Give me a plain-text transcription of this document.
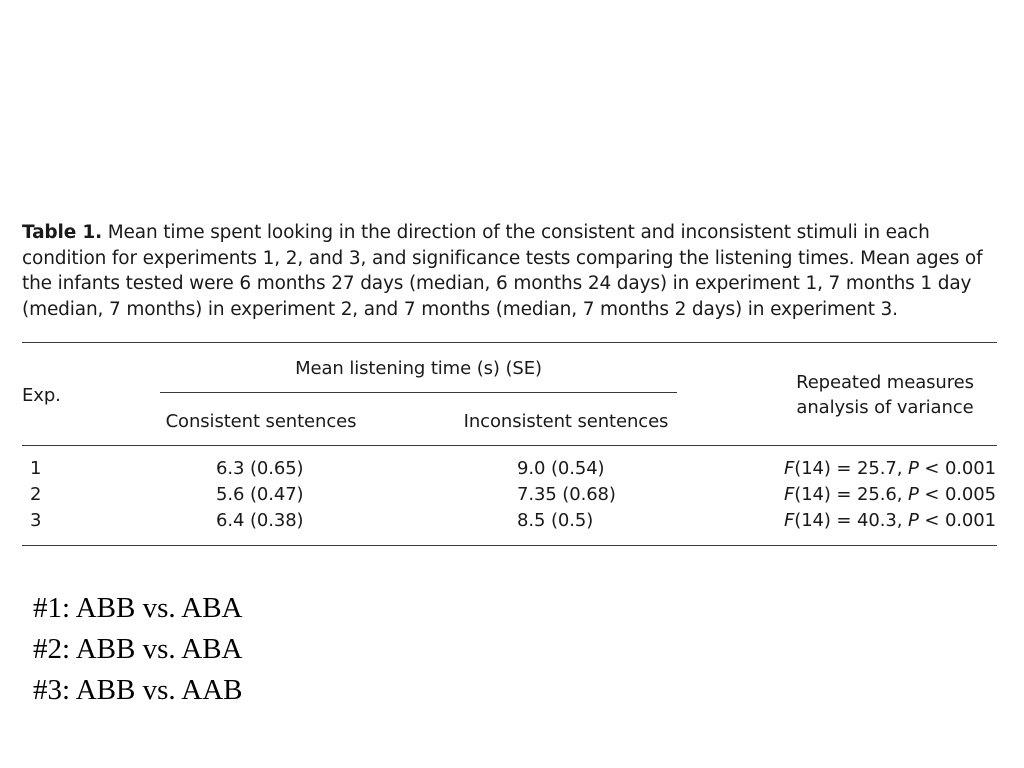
Table 1. Mean time spent looking in the direction of the consistent and inconsistent stimuli in each condition for experiments 1, 2, and 3, and significance tests comparing the listening times. Mean ages of the infants tested were 6 months 27 days (median, 6 months 24 days) in experiment 1, 7 months 1 day (median, 7 months) in experiment 2, and 7 months (median, 7 months 2 days) in experiment 3.

Exp.
Mean listening time (s) (SE)
Consistent sentences	Inconsistent sentences
Repeated measures
analysis of variance
1	6.3 (0.65)	9.0 (0.54)	F(14) = 25.7, P < 0.001
2	5.6 (0.47)	7.35 (0.68)	F(14) = 25.6, P < 0.005
3	6.4 (0.38)	8.5 (0.5)	F(14) = 40.3, P < 0.001
#1: ABB vs. ABA
#2: ABB vs. ABA
#3: ABB vs. AAB
